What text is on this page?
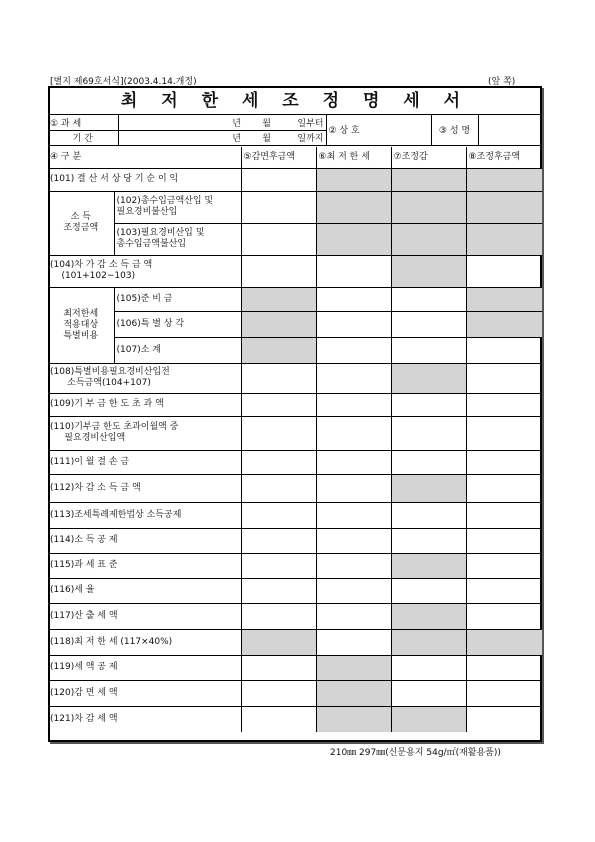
[별지 제69호서식](2003.4.14.개정)	(앞 쪽)
최 저 한 세 조 정 명 세 서
① 과 세		년	월	일부터	② 상 호	③ 성 명	
기 간		년	월	일까지			
④ 구 분		⑤감면후금액	⑥최 저 한 세	⑦조정감	⑧조정후금액
(101) 결 산 서 상 당 기 순 이 익					
소 득
조정금액	(102)총수입금액산입 및
필요경비불산입				
	(103)필요경비산입 및
총수입금액불산입				
(104)차 가 감 소 득 금 액
(101+102−103)					
최저한세
적용대상
특별비용	(105)준 비 금				
	(106)특 별 상 각				
	(107)소 계				
(108)특별비용필요경비산입전
소득금액(104+107)					
(109)기 부 금 한 도 초 과 액					
(110)기부금 한도 초과이월액 중
필요경비산입액					
(111)이 월 결 손 금					
(112)차 감 소 득 금 액					
(113)조세특례제한법상 소득공제					
(114)소 득 공 제					
(115)과 세 표 준					
(116)세 율					
(117)산 출 세 액					
(118)최 저 한 세 (117×40%)					
(119)세 액 공 제					
(120)감 면 세 액					
(121)차 감 세 액					
210㎜ 297㎜(신문용지 54g/㎡(재활용품))
